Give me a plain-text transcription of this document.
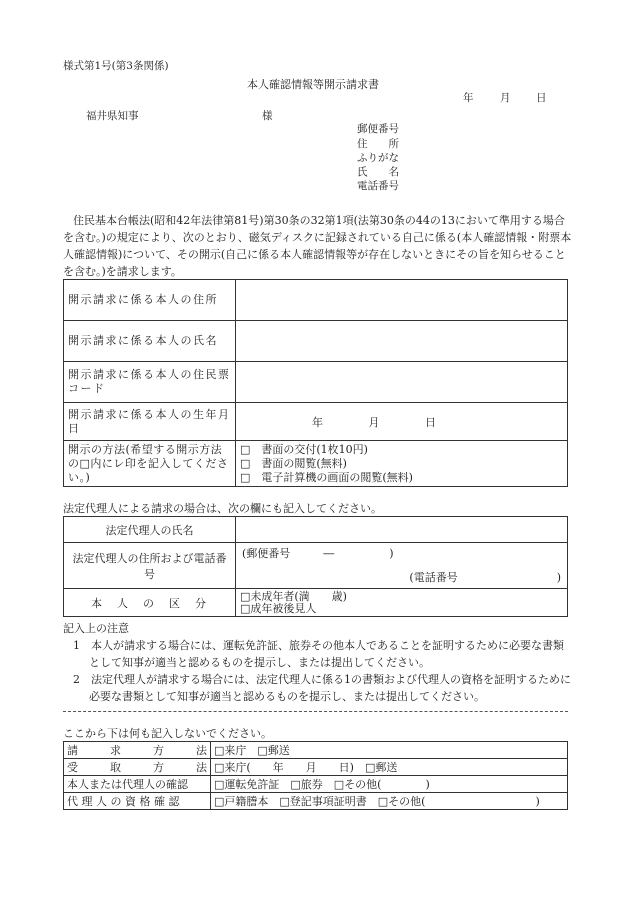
様式第1号(第3条関係)
本人確認情報等開示請求書
年	月 日
福井県知事	様
郵便番号
住　　所
ふりがな
氏　　名
電話番号
住民基本台帳法(昭和42年法律第81号)第30条の32第1項(法第30条の44の13において準用する場合を含む。)の規定により、次のとおり、磁気ディスクに記録されている自己に係る(本人確認情報・附票本人確認情報)について、その開示(自己に係る本人確認情報等が存在しないときにその旨を知らせることを含む。)を請求します。
開示請求に係る本人の住所	
開示請求に係る本人の氏名	
開示請求に係る本人の住民票コード	
開示請求に係る本人の生年月日	年 月 日
開示の方法(希望する開示方法の□内にレ印を記入してください。)	□　書面の交付(1枚10円)
□　書面の閲覧(無料)
□　電子計算機の画面の閲覧(無料)
法定代理人による請求の場合は、次の欄にも記入してください。
法定代理人の氏名	
法定代理人の住所および電話番号	(郵便番号　　　―　　　　　)
(電話番号　　　　　　　　　)

本　人　の　区　分	□未成年者(満　　歳)
□成年被後見人
記入上の注意
1　本人が請求する場合には、運転免許証、旅券その他本人であることを証明するために必要な書類として知事が適当と認めるものを提示し、または提出してください。
2　法定代理人が請求する場合には、法定代理人に係る1の書類および代理人の資格を証明するために必要な書類として知事が適当と認めるものを提示し、または提出してください。
ここから下は何も記入しないでください。
請 求 方 法	□来庁　□郵送

受 取 方 法	□来庁(　　年　　月　　日)　□郵送
本人または代理人の確認	□運転免許証　□旅券　□その他(　　　　)
代 理 人 の 資 格 確 認	□戸籍謄本　□登記事項証明書　□その他(　　　　　　　　　　)
